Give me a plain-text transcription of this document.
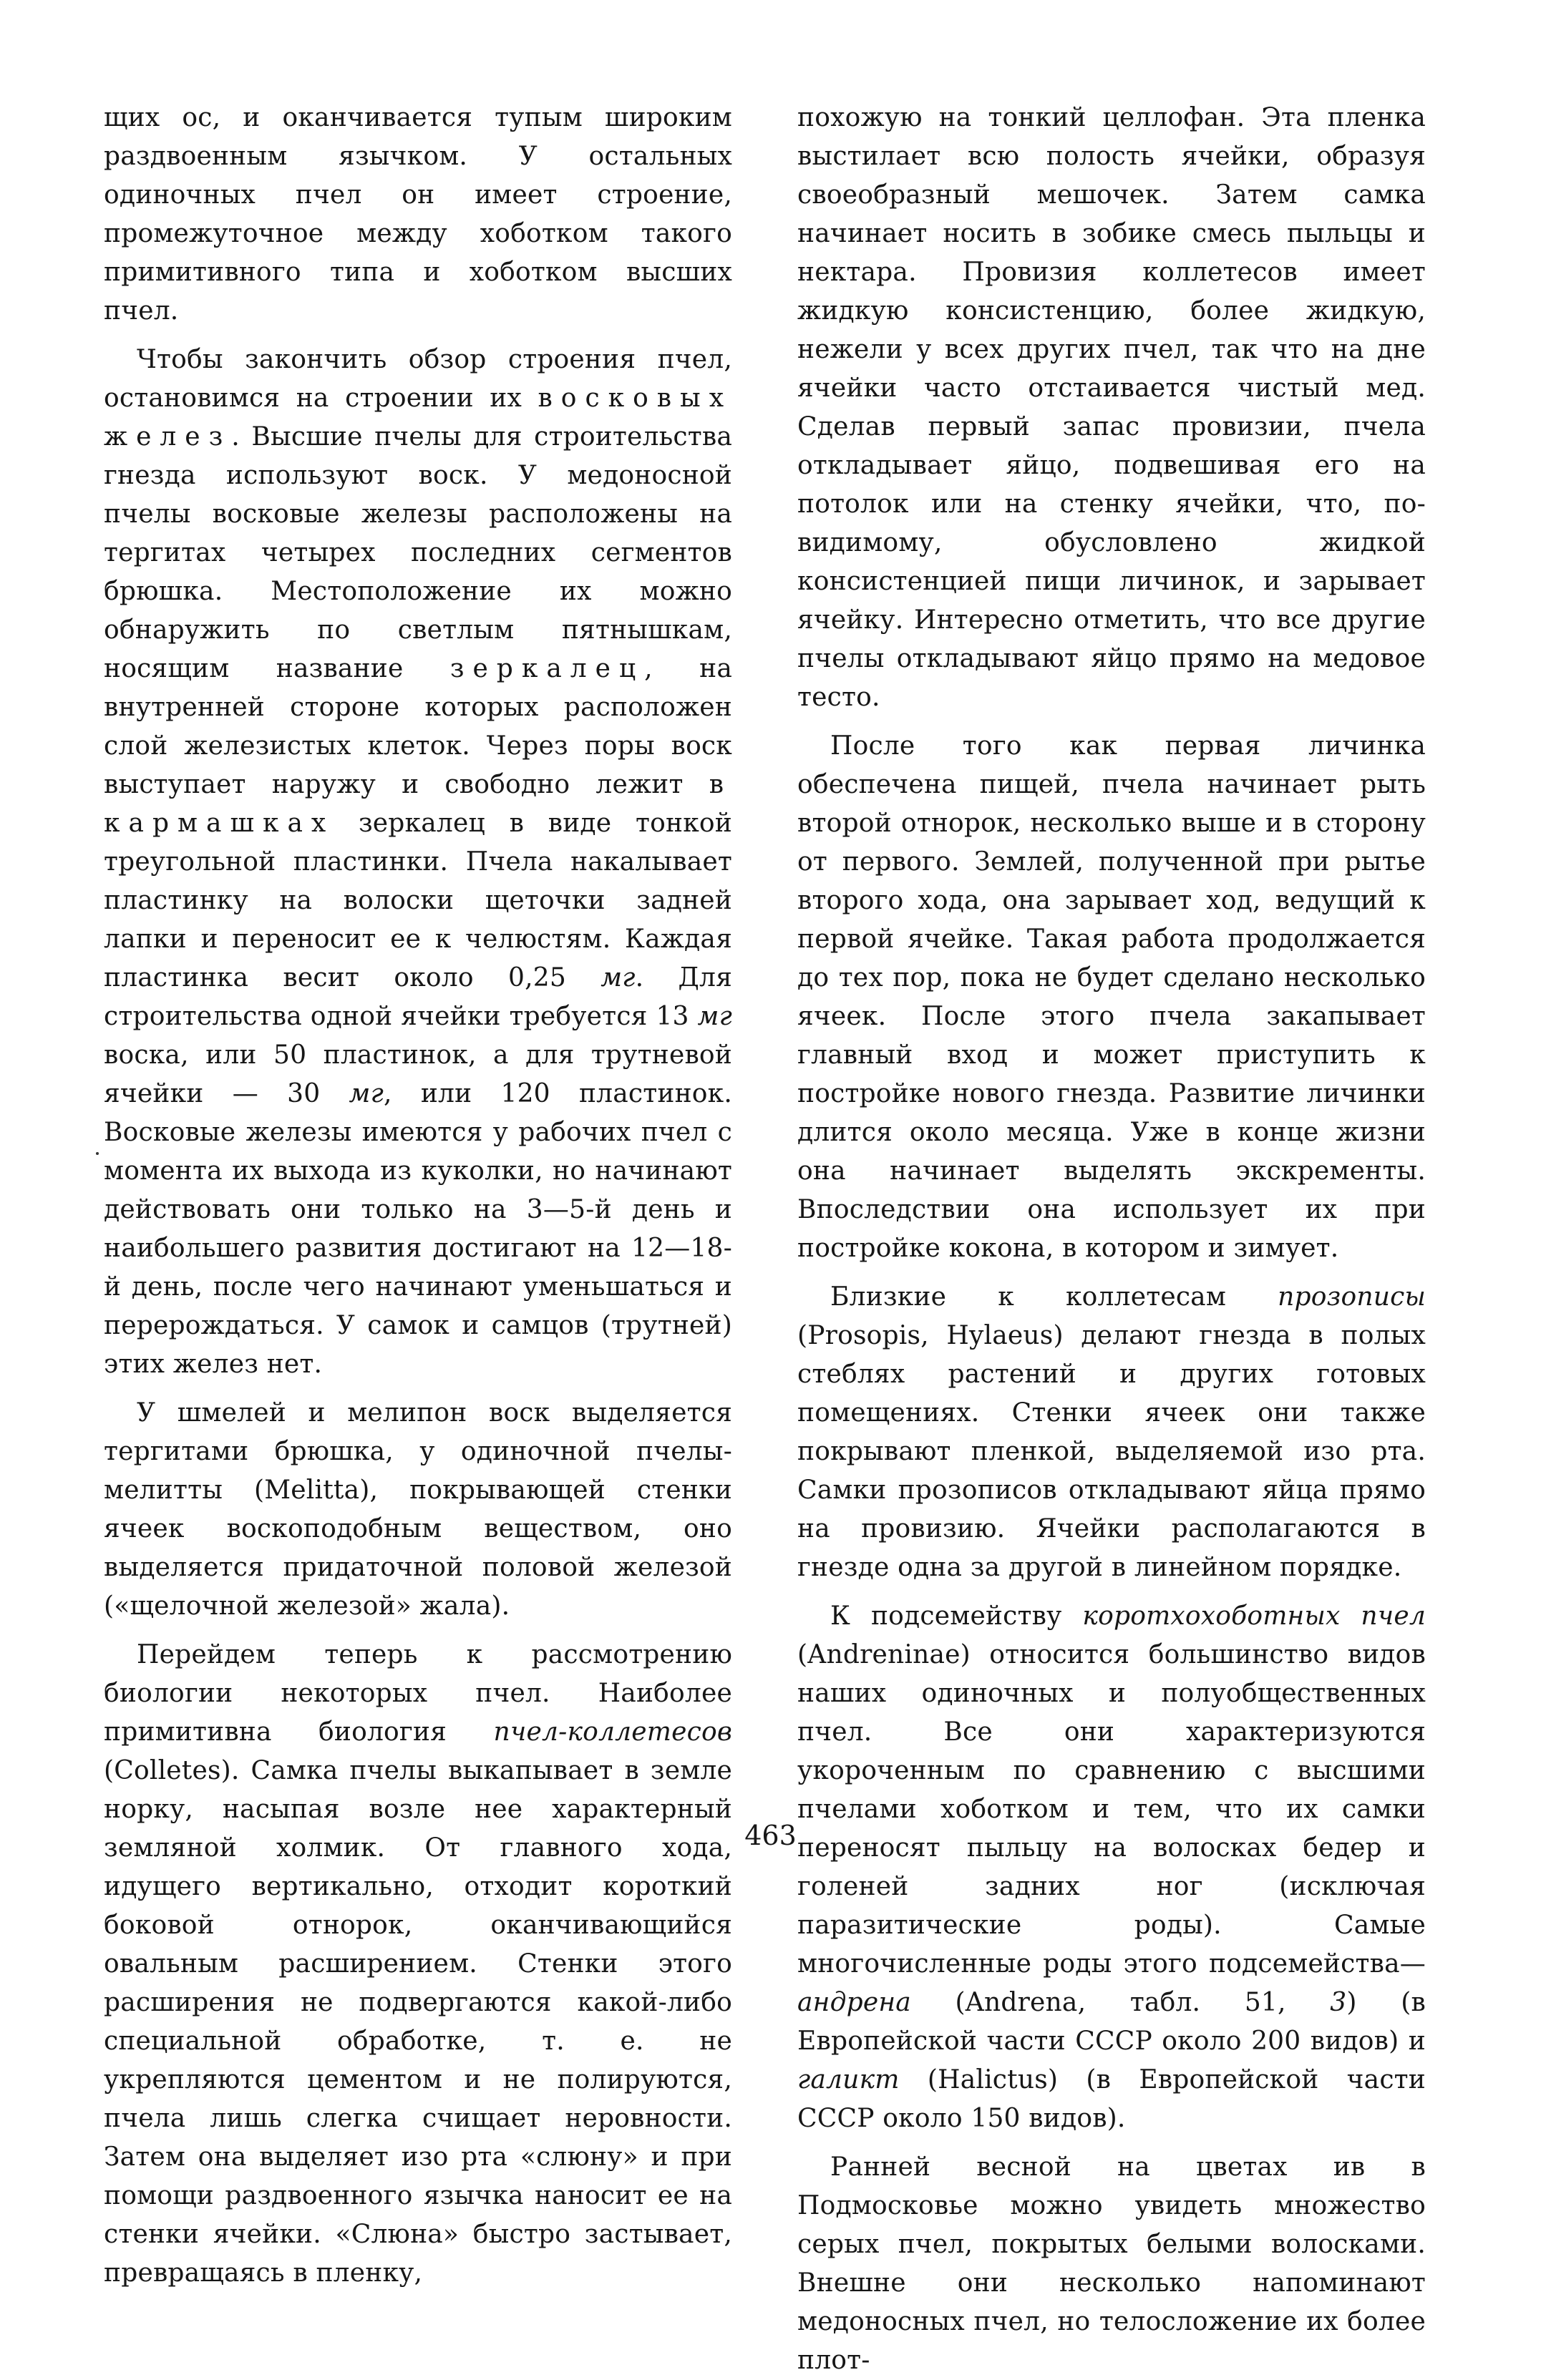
щих ос, и оканчивается тупым широким раздвоенным язычком. У остальных одиночных пчел он имеет строение, промежуточное между хоботком такого примитивного типа и хоботком высших пчел.

Чтобы закончить обзор строения пчел, остановимся на строении их восковых желез. Высшие пчелы для строительства гнезда используют воск. У медоносной пчелы восковые железы расположены на тергитах четырех последних сегментов брюшка. Местоположение их можно обнаружить по светлым пятнышкам, носящим название зеркалец, на внутренней стороне которых расположен слой железистых клеток. Через поры воск выступает наружу и свободно лежит в кармашках зеркалец в виде тонкой треугольной пластинки. Пчела накалывает пластинку на волоски щеточки задней лапки и переносит ее к челюстям. Каждая пластинка весит около 0,25 мг. Для строительства одной ячейки требуется 13 мг воска, или 50 пластинок, а для трутневой ячейки — 30 мг, или 120 пластинок. Восковые железы имеются у рабочих пчел с момента их выхода из куколки, но начинают действовать они только на 3—5-й день и наибольшего развития достигают на 12—18-й день, после чего начинают уменьшаться и перерождаться. У самок и самцов (трутней) этих желез нет.

У шмелей и мелипон воск выделяется тергитами брюшка, у одиночной пчелы-мелитты (Melitta), покрывающей стенки ячеек воскоподобным веществом, оно выделяется придаточной половой железой («щелочной железой» жала).

Перейдем теперь к рассмотрению биологии некоторых пчел. Наиболее примитивна биология пчел-коллетесов (Colletes). Самка пчелы выкапывает в земле норку, насыпая возле нее характерный земляной холмик. От главного хода, идущего вертикально, отходит короткий боковой отнорок, оканчивающийся овальным расширением. Стенки этого расширения не подвергаются какой-либо специальной обработке, т. е. не укрепляются цементом и не полируются, пчела лишь слегка счищает неровности. Затем она выделяет изо рта «слюну» и при помощи раздвоенного язычка наносит ее на стенки ячейки. «Слюна» быстро застывает, превращаясь в пленку,

похожую на тонкий целлофан. Эта пленка выстилает всю полость ячейки, образуя своеобразный мешочек. Затем самка начинает носить в зобике смесь пыльцы и нектара. Провизия коллетесов имеет жидкую консистенцию, более жидкую, нежели у всех других пчел, так что на дне ячейки часто отстаивается чистый мед. Сделав первый запас провизии, пчела откладывает яйцо, подвешивая его на потолок или на стенку ячейки, что, по-видимому, обусловлено жидкой консистенцией пищи личинок, и зарывает ячейку. Интересно отметить, что все другие пчелы откладывают яйцо прямо на медовое тесто.

После того как первая личинка обеспечена пищей, пчела начинает рыть второй отнорок, несколько выше и в сторону от первого. Землей, полученной при рытье второго хода, она зарывает ход, ведущий к первой ячейке. Такая работа продолжается до тех пор, пока не будет сделано несколько ячеек. После этого пчела закапывает главный вход и может приступить к постройке нового гнезда. Развитие личинки длится около месяца. Уже в конце жизни она начинает выделять экскременты. Впоследствии она использует их при постройке кокона, в котором и зимует.

Близкие к коллетесам прозописы (Prosopis, Hylaeus) делают гнезда в полых стеблях растений и других готовых помещениях. Стенки ячеек они также покрывают пленкой, выделяемой изо рта. Самки прозописов откладывают яйца прямо на провизию. Ячейки располагаются в гнезде одна за другой в линейном порядке.

К подсемейству коротхохоботных пчел (Andreninae) относится большинство видов наших одиночных и полуобщественных пчел. Все они характеризуются укороченным по сравнению с высшими пчелами хоботком и тем, что их самки переносят пыльцу на волосках бедер и голеней задних ног (исключая паразитические роды). Самые многочисленные роды этого подсемейства—андрена (Andrena, табл. 51, 3) (в Европейской части СССР около 200 видов) и галикт (Halictus) (в Европейской части СССР около 150 видов).

Ранней весной на цветах ив в Подмосковье можно увидеть множество серых пчел, покрытых белыми волосками. Внешне они несколько напоминают медоносных пчел, но телосложение их более плот-

463
